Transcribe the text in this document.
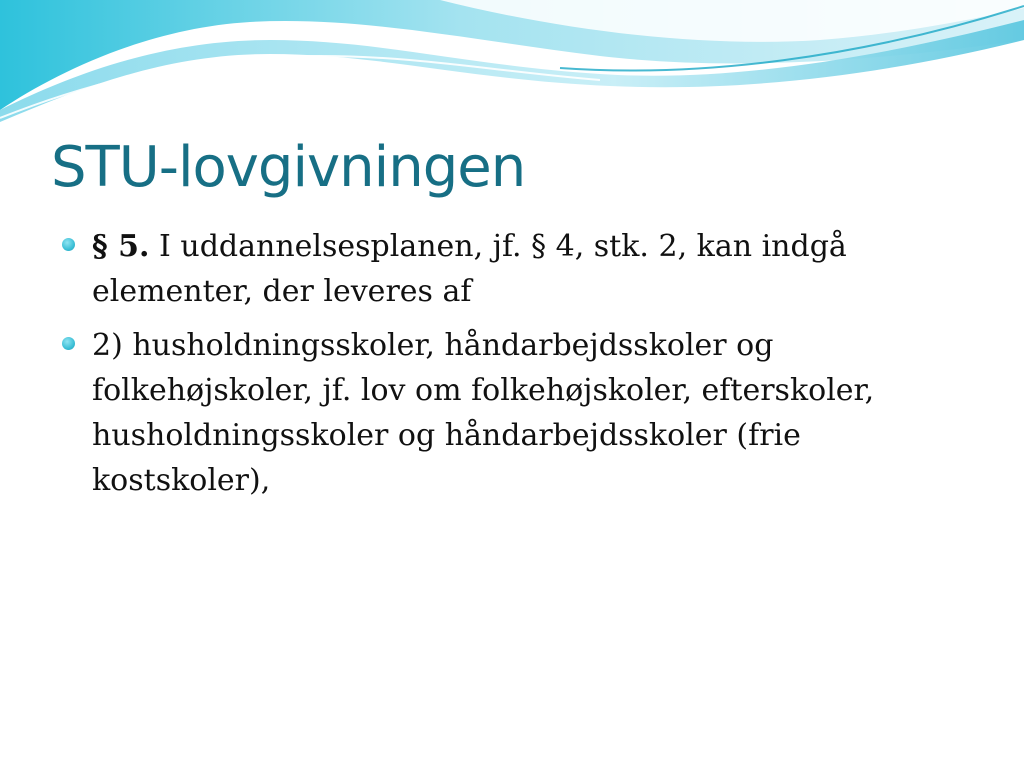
STU-lovgivningen
§ 5. I uddannelsesplanen, jf. § 4, stk. 2, kan indgå elementer, der leveres af
2) husholdningsskoler, håndarbejdsskoler og folkehøjskoler, jf. lov om folkehøjskoler, efterskoler, husholdningsskoler og håndarbejdsskoler (frie kostskoler),
